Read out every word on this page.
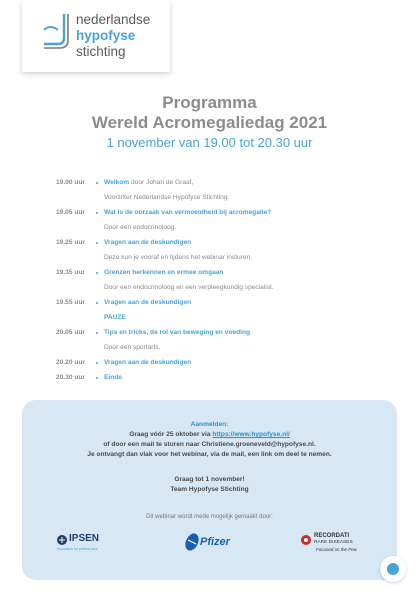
nederlandse
hypofyse
stichting
Programma
Wereld Acromegaliedag 2021
1 november van 19.00 tot 20.30 uur
19.00 uur	Welkom door Johan de Graaf,
Voorzitter Nederlandse Hypofyse Stichting.
19.05 uur	Wat is de oorzaak van vermoeidheid bij acromegalie?
Door een endocrinoloog.
19.25 uur	Vragen aan de deskundigen
Deze kun je vooraf en tijdens het webinar insturen.
19.35 uur	Grenzen herkennen en ermee omgaan
Door een endocrinoloog en een verpleegkundig specialist.
19.55 uur	Vragen aan de deskundigen
PAUZE
20.05 uur	Tips en tricks, de rol van beweging en voeding
Door een sportarts.
20.20 uur	Vragen aan de deskundigen
20.30 uur	Einde
Aanmelden:
Graag vóór 25 oktober via https://www.hypofyse.nl/
of door een mail te sturen naar Christiene.groeneveld@hypofyse.nl.
Je ontvangt dan vlak voor het webinar, via de mail, een link om deel te nemen.
Graag tot 1 november!
Team Hypofyse Stichting
Dit webinar wordt mede mogelijk gemaakt door:
IPSEN
Innovation for patient care
Pfizer	RECORDATI
RARE DISEASES
Focused on the Few
